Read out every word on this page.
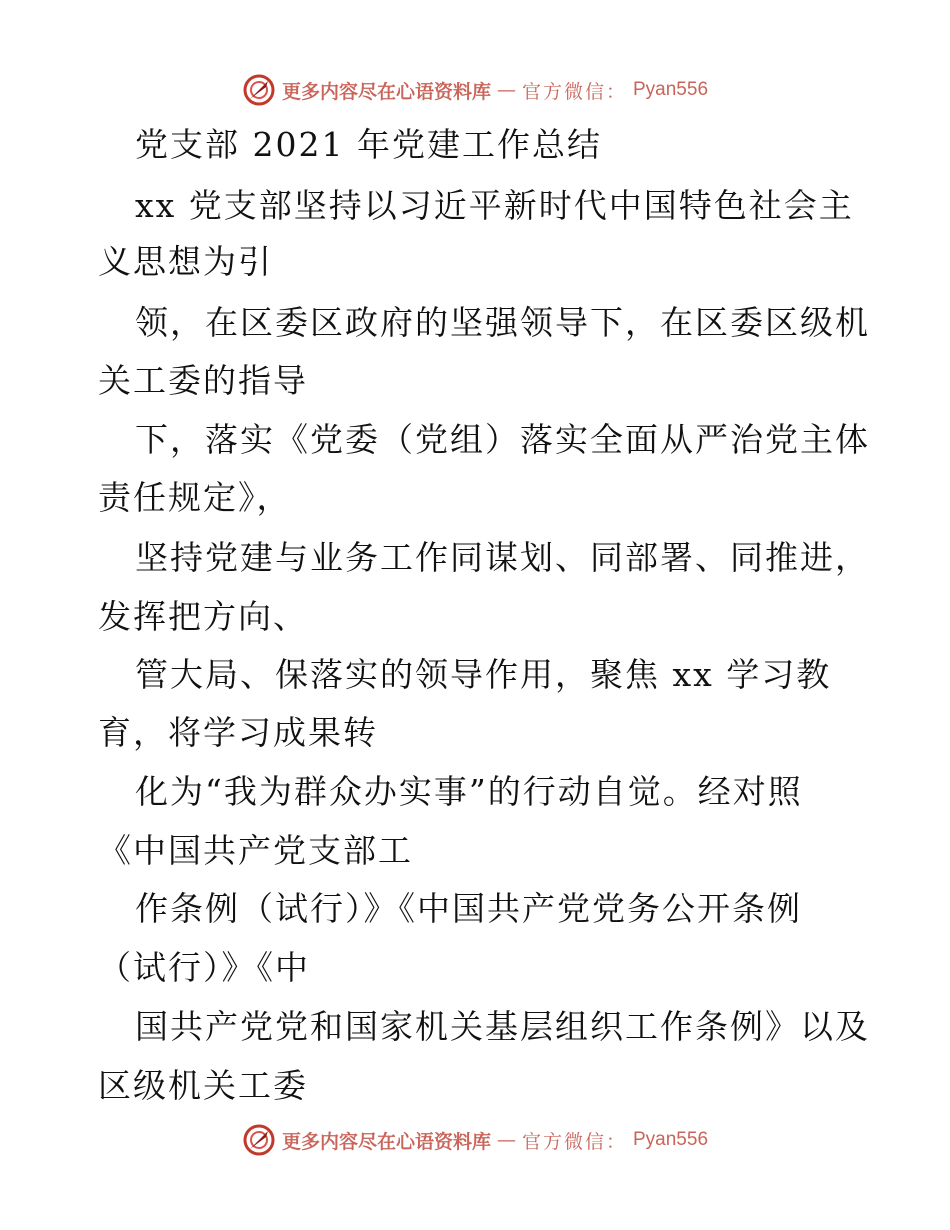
更多内容尽在心语资料库 — 官方微信： Pyan556
党支部 2021 年党建工作总结
xx 党支部坚持以习近平新时代中国特色社会主
义思想为引
领，在区委区政府的坚强领导下，在区委区级机
关工委的指导
下，落实《党委（党组）落实全面从严治党主体
责任规定》，
坚持党建与业务工作同谋划、同部署、同推进，
发挥把方向、
管大局、保落实的领导作用，聚焦 xx 学习教
育，将学习成果转
化为“我为群众办实事”的行动自觉。经对照
《中国共产党支部工
作条例（试行）》《中国共产党党务公开条例
（试行）》《中
国共产党党和国家机关基层组织工作条例》以及
区级机关工委
更多内容尽在心语资料库 — 官方微信： Pyan556
